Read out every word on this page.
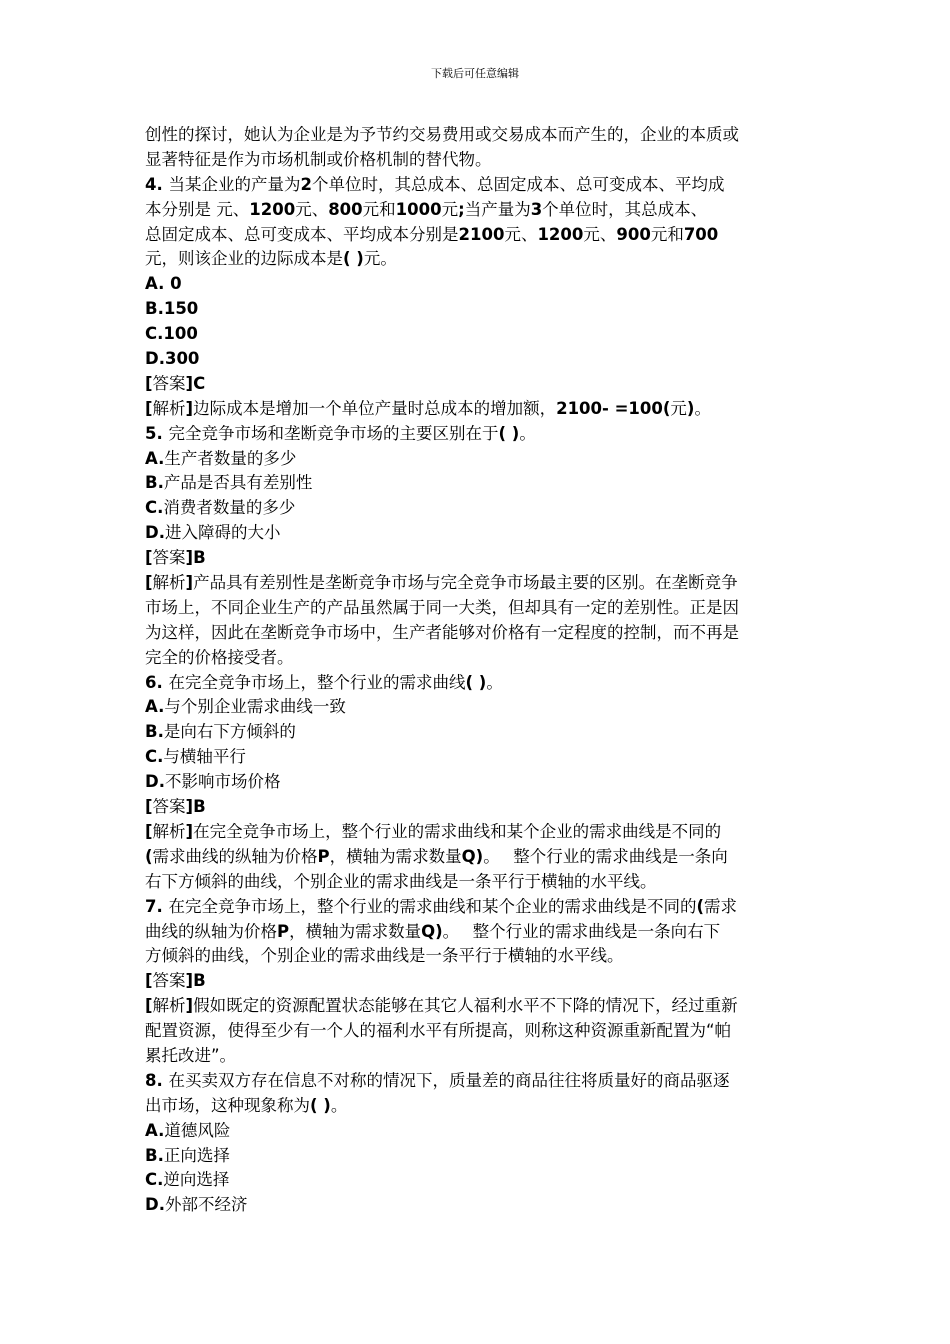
下载后可任意编辑
创性的探讨，她认为企业是为予节约交易费用或交易成本而产生的，企业的本质或
显著特征是作为市场机制或价格机制的替代物。
4. 当某企业的产量为2个单位时，其总成本、总固定成本、总可变成本、平均成
本分别是 元、1200元、800元和1000元;当产量为3个单位时，其总成本、
总固定成本、总可变成本、平均成本分别是2100元、1200元、900元和700
元，则该企业的边际成本是( )元。
A. 0
B.150
C.100
D.300
[答案]C
[解析]边际成本是增加一个单位产量时总成本的增加额，2100- =100(元)。
5. 完全竞争市场和垄断竞争市场的主要区别在于( )。
A.生产者数量的多少
B.产品是否具有差别性
C.消费者数量的多少
D.进入障碍的大小
[答案]B
[解析]产品具有差别性是垄断竞争市场与完全竞争市场最主要的区别。在垄断竞争
市场上，不同企业生产的产品虽然属于同一大类，但却具有一定的差别性。正是因
为这样，因此在垄断竞争市场中，生产者能够对价格有一定程度的控制，而不再是
完全的价格接受者。
6. 在完全竞争市场上，整个行业的需求曲线( )。
A.与个别企业需求曲线一致
B.是向右下方倾斜的
C.与横轴平行
D.不影响市场价格
[答案]B
[解析]在完全竞争市场上，整个行业的需求曲线和某个企业的需求曲线是不同的
(需求曲线的纵轴为价格P，横轴为需求数量Q)。　 整个行业的需求曲线是一条向
右下方倾斜的曲线，个别企业的需求曲线是一条平行于横轴的水平线。
7. 在完全竞争市场上，整个行业的需求曲线和某个企业的需求曲线是不同的(需求
曲线的纵轴为价格P，横轴为需求数量Q)。　 整个行业的需求曲线是一条向右下
方倾斜的曲线，个别企业的需求曲线是一条平行于横轴的水平线。
[答案]B
[解析]假如既定的资源配置状态能够在其它人福利水平不下降的情况下，经过重新
配置资源，使得至少有一个人的福利水平有所提高，则称这种资源重新配置为“帕
累托改进”。
8. 在买卖双方存在信息不对称的情况下，质量差的商品往往将质量好的商品驱逐
出市场，这种现象称为( )。
A.道德风险
B.正向选择
C.逆向选择
D.外部不经济
